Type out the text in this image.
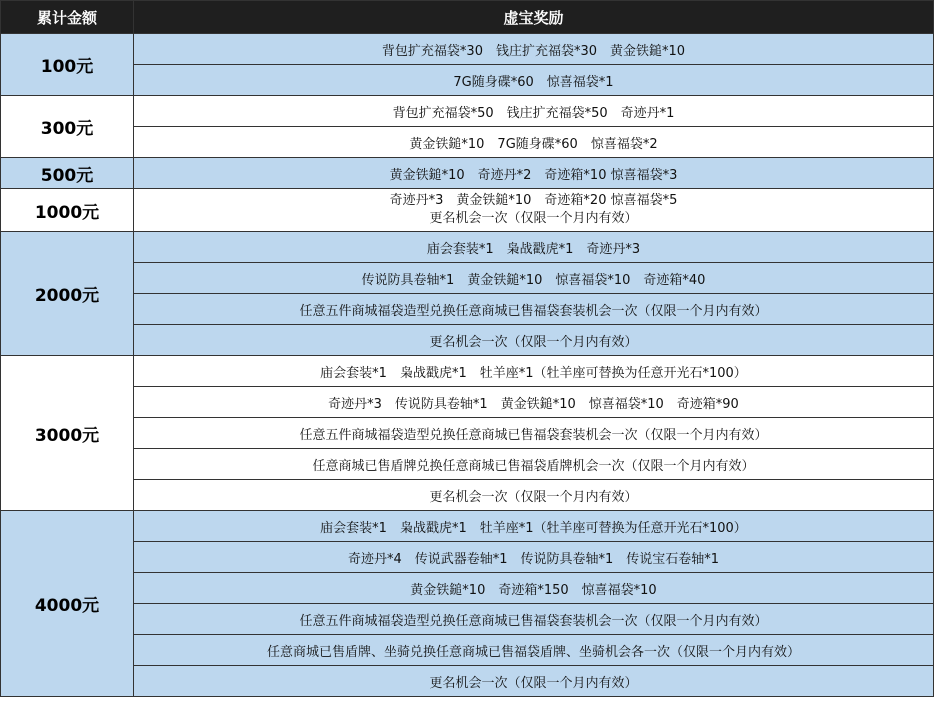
累计金额	虚宝奖励
100元	背包扩充福袋*30　钱庄扩充福袋*30　黄金铁鎚*10
	7G随身碟*60　惊喜福袋*1
300元	背包扩充福袋*50　钱庄扩充福袋*50　奇迹丹*1
	黄金铁鎚*10　7G随身碟*60　惊喜福袋*2
500元	黄金铁鎚*10　奇迹丹*2　奇迹箱*10 惊喜福袋*3
1000元	奇迹丹*3　黄金铁鎚*10　奇迹箱*20 惊喜福袋*5
更名机会一次（仅限一个月内有效）

2000元	庙会套装*1　枭战戳虎*1　奇迹丹*3
	传说防具卷轴*1　黄金铁鎚*10　惊喜福袋*10　奇迹箱*40
	任意五件商城福袋造型兑换任意商城已售福袋套装机会一次（仅限一个月内有效）
	更名机会一次（仅限一个月内有效）
3000元	庙会套装*1　枭战戳虎*1　牡羊座*1（牡羊座可替换为任意开光石*100）
	奇迹丹*3　传说防具卷轴*1　黄金铁鎚*10　惊喜福袋*10　奇迹箱*90
	任意五件商城福袋造型兑换任意商城已售福袋套装机会一次（仅限一个月内有效）
	任意商城已售盾牌兑换任意商城已售福袋盾牌机会一次（仅限一个月内有效）
	更名机会一次（仅限一个月内有效）
4000元	庙会套装*1　枭战戳虎*1　牡羊座*1（牡羊座可替换为任意开光石*100）
	奇迹丹*4　传说武器卷轴*1　传说防具卷轴*1　传说宝石卷轴*1
	黄金铁鎚*10　奇迹箱*150　惊喜福袋*10
	任意五件商城福袋造型兑换任意商城已售福袋套装机会一次（仅限一个月内有效）
	任意商城已售盾牌、坐骑兑换任意商城已售福袋盾牌、坐骑机会各一次（仅限一个月内有效）
	更名机会一次（仅限一个月内有效）
